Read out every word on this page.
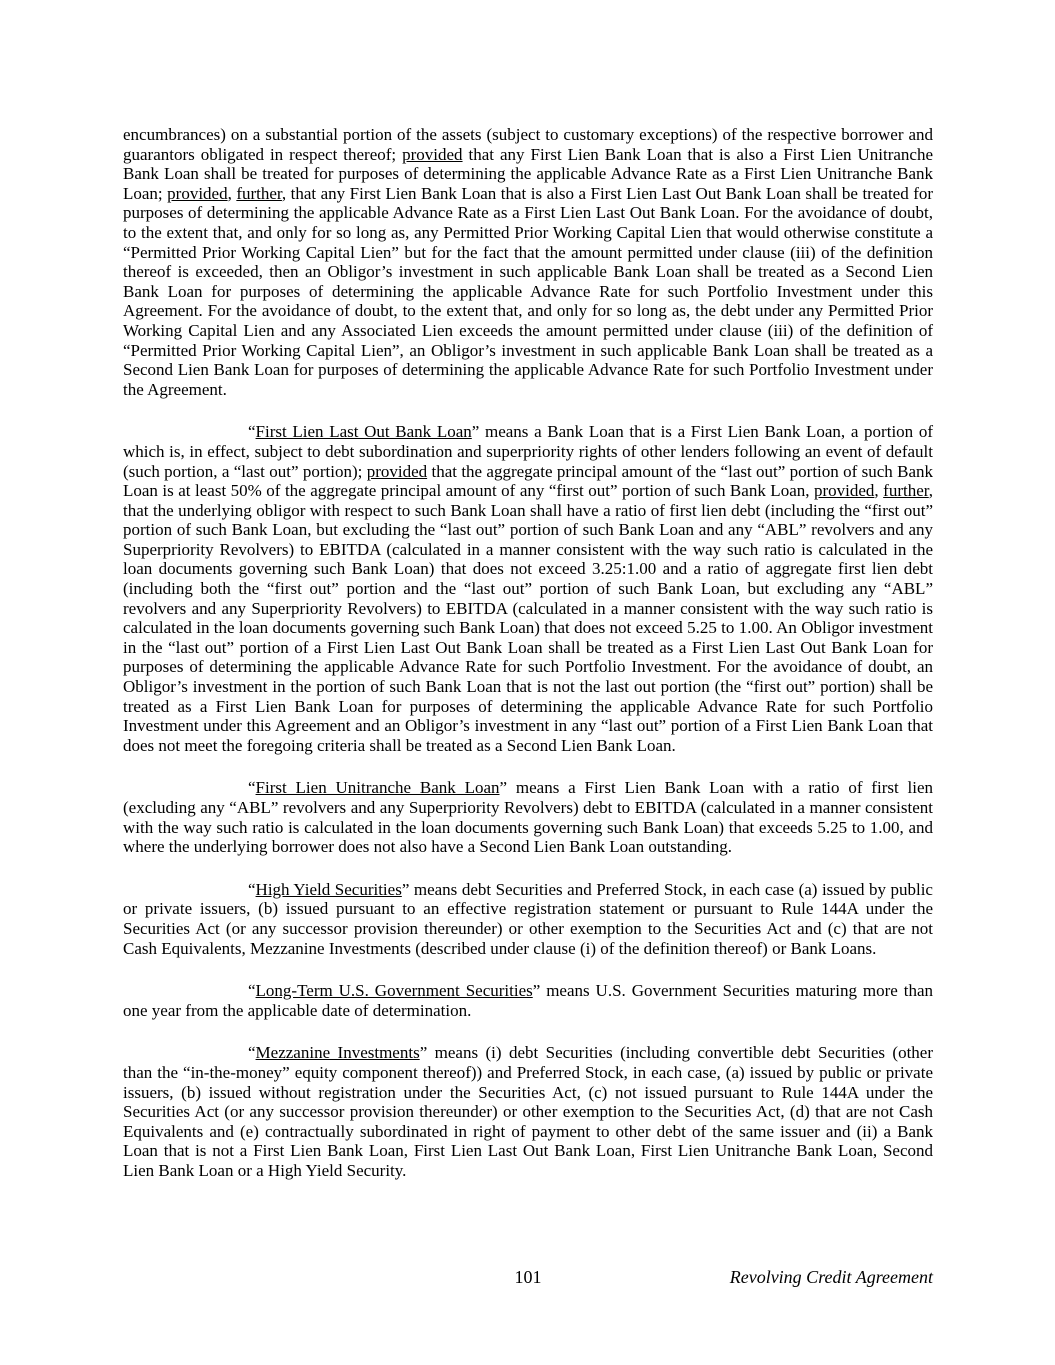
encumbrances) on a substantial portion of the assets (subject to customary exceptions) of the respective borrower and guarantors obligated in respect thereof; provided that any First Lien Bank Loan that is also a First Lien Unitranche Bank Loan shall be treated for purposes of determining the applicable Advance Rate as a First Lien Unitranche Bank Loan; provided, further, that any First Lien Bank Loan that is also a First Lien Last Out Bank Loan shall be treated for purposes of determining the applicable Advance Rate as a First Lien Last Out Bank Loan. For the avoidance of doubt, to the extent that, and only for so long as, any Permitted Prior Working Capital Lien that would otherwise constitute a “Permitted Prior Working Capital Lien” but for the fact that the amount permitted under clause (iii) of the definition thereof is exceeded, then an Obligor’s investment in such applicable Bank Loan shall be treated as a Second Lien Bank Loan for purposes of determining the applicable Advance Rate for such Portfolio Investment under this Agreement. For the avoidance of doubt, to the extent that, and only for so long as, the debt under any Permitted Prior Working Capital Lien and any Associated Lien exceeds the amount permitted under clause (iii) of the definition of “Permitted Prior Working Capital Lien”, an Obligor’s investment in such applicable Bank Loan shall be treated as a Second Lien Bank Loan for purposes of determining the applicable Advance Rate for such Portfolio Investment under the Agreement.

“First Lien Last Out Bank Loan” means a Bank Loan that is a First Lien Bank Loan, a portion of which is, in effect, subject to debt subordination and superpriority rights of other lenders following an event of default (such portion, a “last out” portion); provided that the aggregate principal amount of the “last out” portion of such Bank Loan is at least 50% of the aggregate principal amount of any “first out” portion of such Bank Loan, provided, further, that the underlying obligor with respect to such Bank Loan shall have a ratio of first lien debt (including the “first out” portion of such Bank Loan, but excluding the “last out” portion of such Bank Loan and any “ABL” revolvers and any Superpriority Revolvers) to EBITDA (calculated in a manner consistent with the way such ratio is calculated in the loan documents governing such Bank Loan) that does not exceed 3.25:1.00 and a ratio of aggregate first lien debt (including both the “first out” portion and the “last out” portion of such Bank Loan, but excluding any “ABL” revolvers and any Superpriority Revolvers) to EBITDA (calculated in a manner consistent with the way such ratio is calculated in the loan documents governing such Bank Loan) that does not exceed 5.25 to 1.00. An Obligor investment in the “last out” portion of a First Lien Last Out Bank Loan shall be treated as a First Lien Last Out Bank Loan for purposes of determining the applicable Advance Rate for such Portfolio Investment. For the avoidance of doubt, an Obligor’s investment in the portion of such Bank Loan that is not the last out portion (the “first out” portion) shall be treated as a First Lien Bank Loan for purposes of determining the applicable Advance Rate for such Portfolio Investment under this Agreement and an Obligor’s investment in any “last out” portion of a First Lien Bank Loan that does not meet the foregoing criteria shall be treated as a Second Lien Bank Loan.

“First Lien Unitranche Bank Loan” means a First Lien Bank Loan with a ratio of first lien (excluding any “ABL” revolvers and any Superpriority Revolvers) debt to EBITDA (calculated in a manner consistent with the way such ratio is calculated in the loan documents governing such Bank Loan) that exceeds 5.25 to 1.00, and where the underlying borrower does not also have a Second Lien Bank Loan outstanding.

“High Yield Securities” means debt Securities and Preferred Stock, in each case (a) issued by public or private issuers, (b) issued pursuant to an effective registration statement or pursuant to Rule 144A under the Securities Act (or any successor provision thereunder) or other exemption to the Securities Act and (c) that are not Cash Equivalents, Mezzanine Investments (described under clause (i) of the definition thereof) or Bank Loans.

“Long-Term U.S. Government Securities” means U.S. Government Securities maturing more than one year from the applicable date of determination.

“Mezzanine Investments” means (i) debt Securities (including convertible debt Securities (other than the “in-the-money” equity component thereof)) and Preferred Stock, in each case, (a) issued by public or private issuers, (b) issued without registration under the Securities Act, (c) not issued pursuant to Rule 144A under the Securities Act (or any successor provision thereunder) or other exemption to the Securities Act, (d) that are not Cash Equivalents and (e) contractually subordinated in right of payment to other debt of the same issuer and (ii) a Bank Loan that is not a First Lien Bank Loan, First Lien Last Out Bank Loan, First Lien Unitranche Bank Loan, Second Lien Bank Loan or a High Yield Security.

101	Revolving Credit Agreement
